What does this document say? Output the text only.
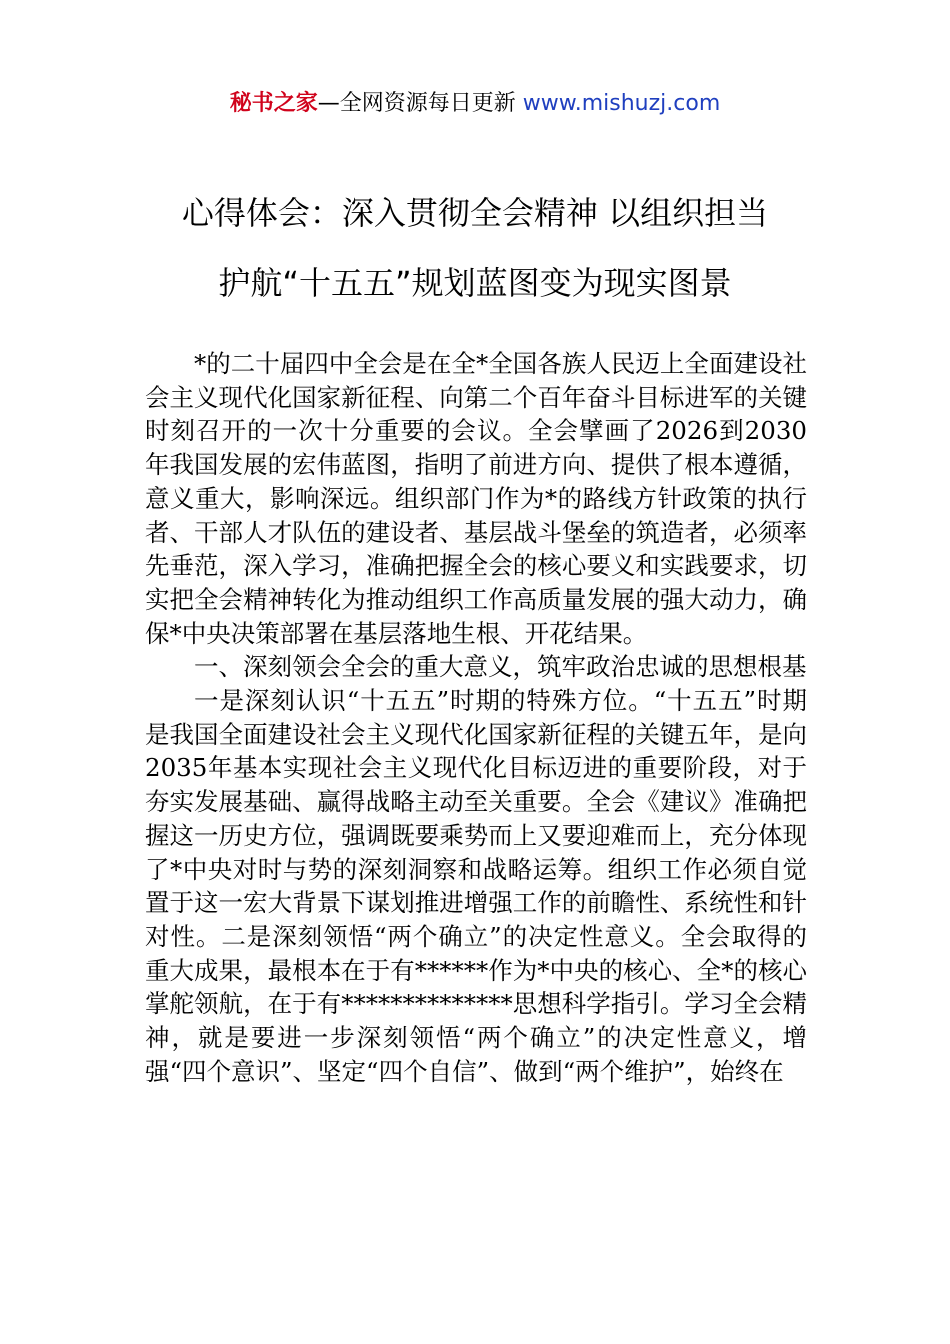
秘书之家—全网资源每日更新 www.mishuzj.com
心得体会：深入贯彻全会精神 以组织担当
护航“十五五”规划蓝图变为现实图景

*的二十届四中全会是在全*全国各族人民迈上全面建设社会主义现代化国家新征程、向第二个百年奋斗目标进军的关键时刻召开的一次十分重要的会议。全会擘画了2026到2030年我国发展的宏伟蓝图，指明了前进方向、提供了根本遵循，意义重大，影响深远。组织部门作为*的路线方针政策的执行者、干部人才队伍的建设者、基层战斗堡垒的筑造者，必须率先垂范，深入学习，准确把握全会的核心要义和实践要求，切实把全会精神转化为推动组织工作高质量发展的强大动力，确保*中央决策部署在基层落地生根、开花结果。

一、深刻领会全会的重大意义，筑牢政治忠诚的思想根基

一是深刻认识“十五五”时期的特殊方位。“十五五”时期是我国全面建设社会主义现代化国家新征程的关键五年，是向2035年基本实现社会主义现代化目标迈进的重要阶段，对于夯实发展基础、赢得战略主动至关重要。全会《建议》准确把握这一历史方位，强调既要乘势而上又要迎难而上，充分体现了*中央对时与势的深刻洞察和战略运筹。组织工作必须自觉置于这一宏大背景下谋划推进增强工作的前瞻性、系统性和针对性。二是深刻领悟“两个确立”的决定性意义。全会取得的重大成果，最根本在于有******作为*中央的核心、全*的核心掌舵领航，在于有**************思想科学指引。学习全会精神，就是要进一步深刻领悟“两个确立”的决定性意义，增强“四个意识”、坚定“四个自信”、做到“两个维护”，始终在
